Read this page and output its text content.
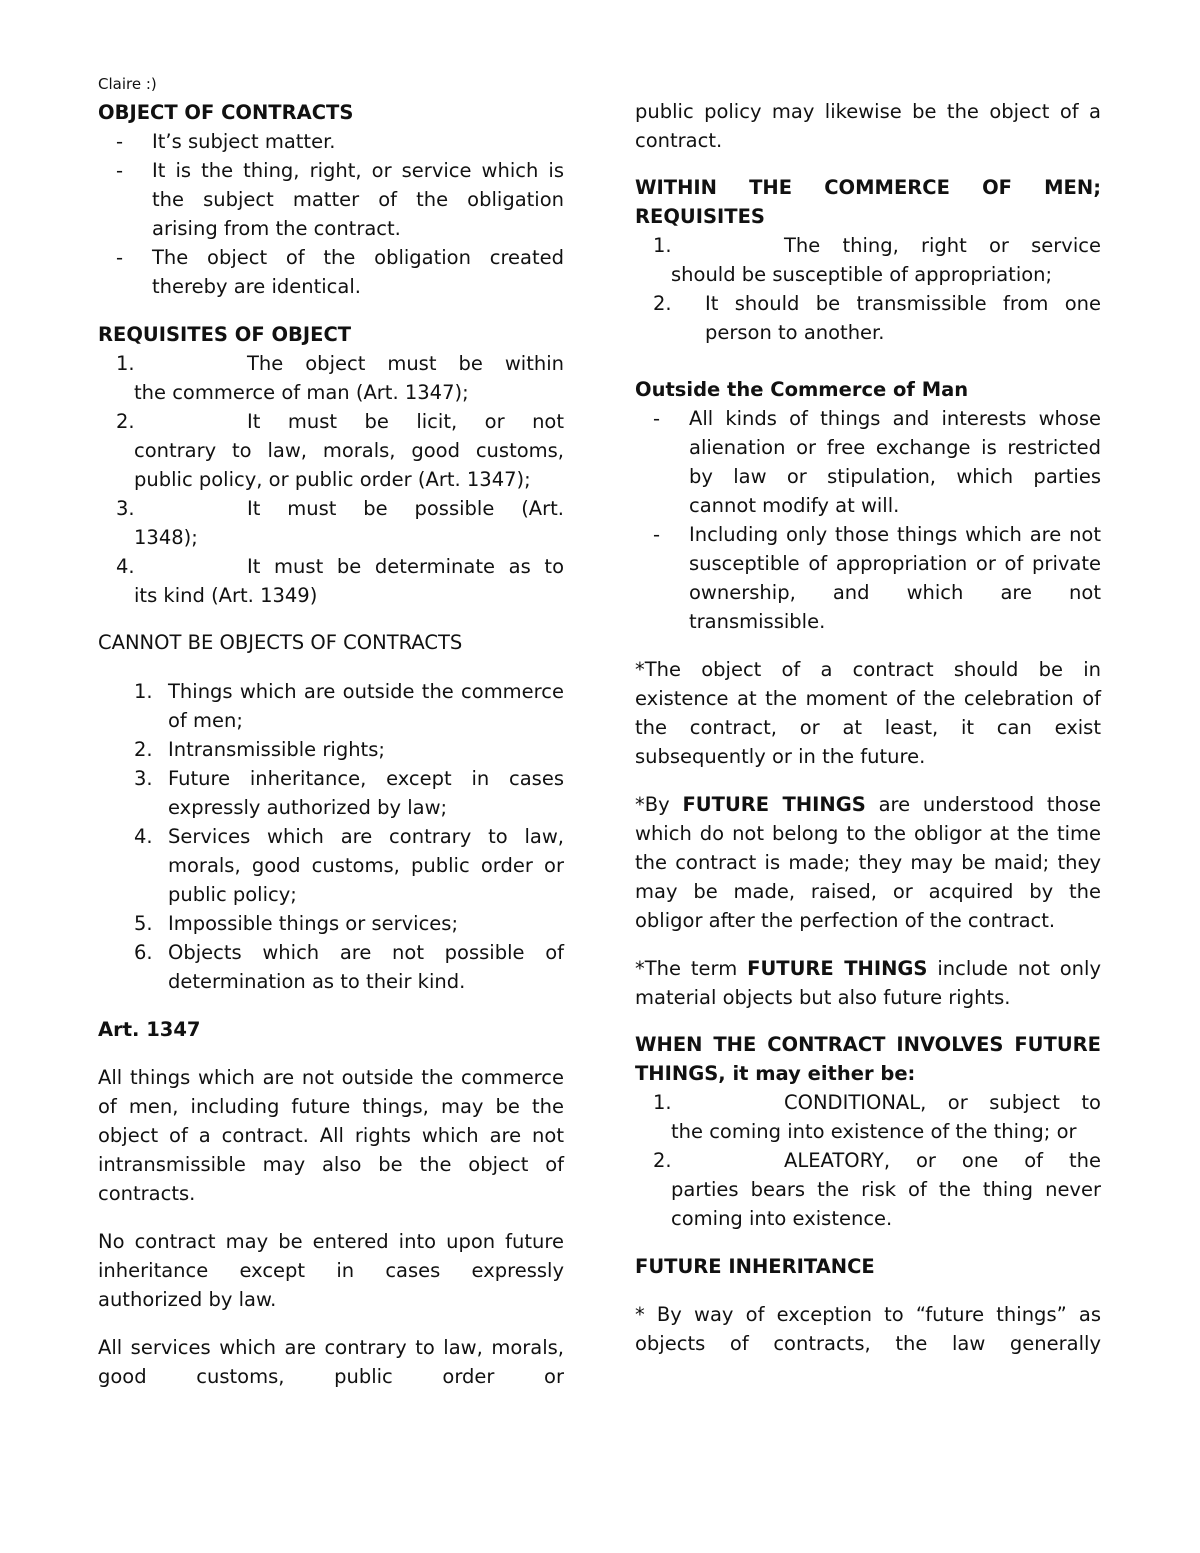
Claire :)
OBJECT OF CONTRACTS
- It’s subject matter.
- It is the thing, right, or service which is the subject matter of the obligation arising from the contract.
- The object of the obligation created thereby are identical.
REQUISITES OF OBJECT
1.	The object must be within
the commerce of man (Art. 1347);
2.	It must be licit, or not
contrary to law, morals, good customs, public policy, or public order (Art. 1347);
3.	It must be possible (Art.
1348);
4.	It must be determinate as to
its kind (Art. 1349)
CANNOT BE OBJECTS OF CONTRACTS
1. Things which are outside the commerce of men;
2. Intransmissible rights;
3. Future inheritance, except in cases expressly authorized by law;
4. Services which are contrary to law, morals, good customs, public order or public policy;
5. Impossible things or services;
6. Objects which are not possible of determination as to their kind.
Art. 1347

All things which are not outside the commerce of men, including future things, may be the object of a contract. All rights which are not intransmissible may also be the object of contracts.

No contract may be entered into upon future inheritance except in cases expressly authorized by law.

All services which are contrary to law, morals, good customs, public order or

public policy may likewise be the object of a contract.

WITHIN THE COMMERCE OF MEN; REQUISITES
1.	The thing, right or service
should be susceptible of appropriation;
2. It should be transmissible from one person to another.
Outside the Commerce of Man
- All kinds of things and interests whose alienation or free exchange is restricted by law or stipulation, which parties cannot modify at will.
- Including only those things which are not susceptible of appropriation or of private ownership, and which are not transmissible.

*The object of a contract should be in existence at the moment of the celebration of the contract, or at least, it can exist subsequently or in the future.

*By FUTURE THINGS are understood those which do not belong to the obligor at the time the contract is made; they may be maid; they may be made, raised, or acquired by the obligor after the perfection of the contract.

*The term FUTURE THINGS include not only material objects but also future rights.

WHEN THE CONTRACT INVOLVES FUTURE THINGS, it may either be:
1.	CONDITIONAL, or subject to
the coming into existence of the thing; or
2.	ALEATORY, or one of the
parties bears the risk of the thing never coming into existence.
FUTURE INHERITANCE
* By way of exception to “future things” as
objects of contracts, the law generally
